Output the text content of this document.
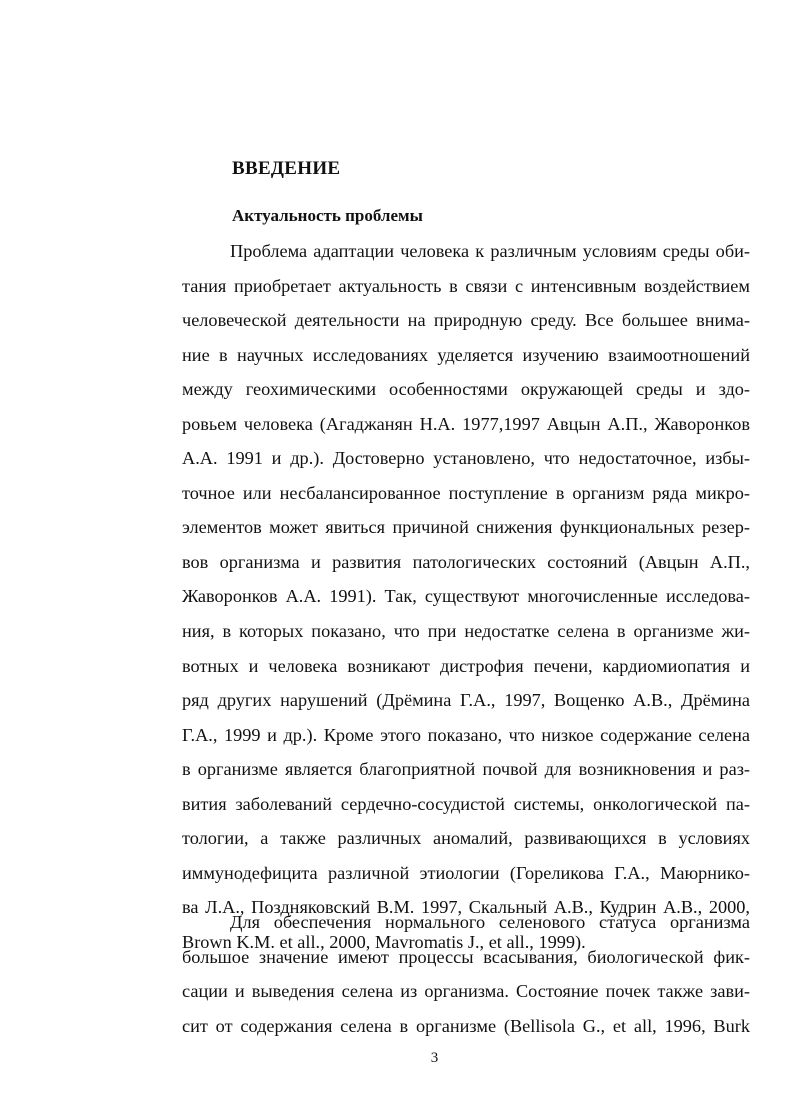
ВВЕДЕНИЕ
Актуальность проблемы
Проблема адаптации человека к различным условиям среды оби-
тания приобретает актуальность в связи с интенсивным воздействием
человеческой деятельности на природную среду. Все большее внима-
ние в научных исследованиях уделяется изучению взаимоотношений
между геохимическими особенностями окружающей среды и здо-
ровьем человека (Агаджанян Н.А. 1977,1997 Авцын А.П., Жаворонков
А.А. 1991 и др.). Достоверно установлено, что недостаточное, избы-
точное или несбалансированное поступление в организм ряда микро-
элементов может явиться причиной снижения функциональных резер-
вов организма и развития патологических состояний (Авцын А.П.,
Жаворонков А.А. 1991). Так, существуют многочисленные исследова-
ния, в которых показано, что при недостатке селена в организме жи-
вотных и человека возникают дистрофия печени, кардиомиопатия и
ряд других нарушений (Дрёмина Г.А., 1997, Вощенко А.В., Дрёмина
Г.А., 1999 и др.). Кроме этого показано, что низкое содержание селена
в организме является благоприятной почвой для возникновения и раз-
вития заболеваний сердечно-сосудистой системы, онкологической па-
тологии, а также различных аномалий, развивающихся в условиях
иммунодефицита различной этиологии (Гореликова Г.А., Маюрнико-
ва Л.А., Поздняковский В.М. 1997, Скальный А.В., Кудрин А.В., 2000,
Brown K.M. et all., 2000, Mavromatis J., et all., 1999).
Для обеспечения нормального селенового статуса организма
большое значение имеют процессы всасывания, биологической фик-
сации и выведения селена из организма. Состояние почек также зави-
сит от содержания селена в организме (Bellisola G., et all, 1996, Burk
3
